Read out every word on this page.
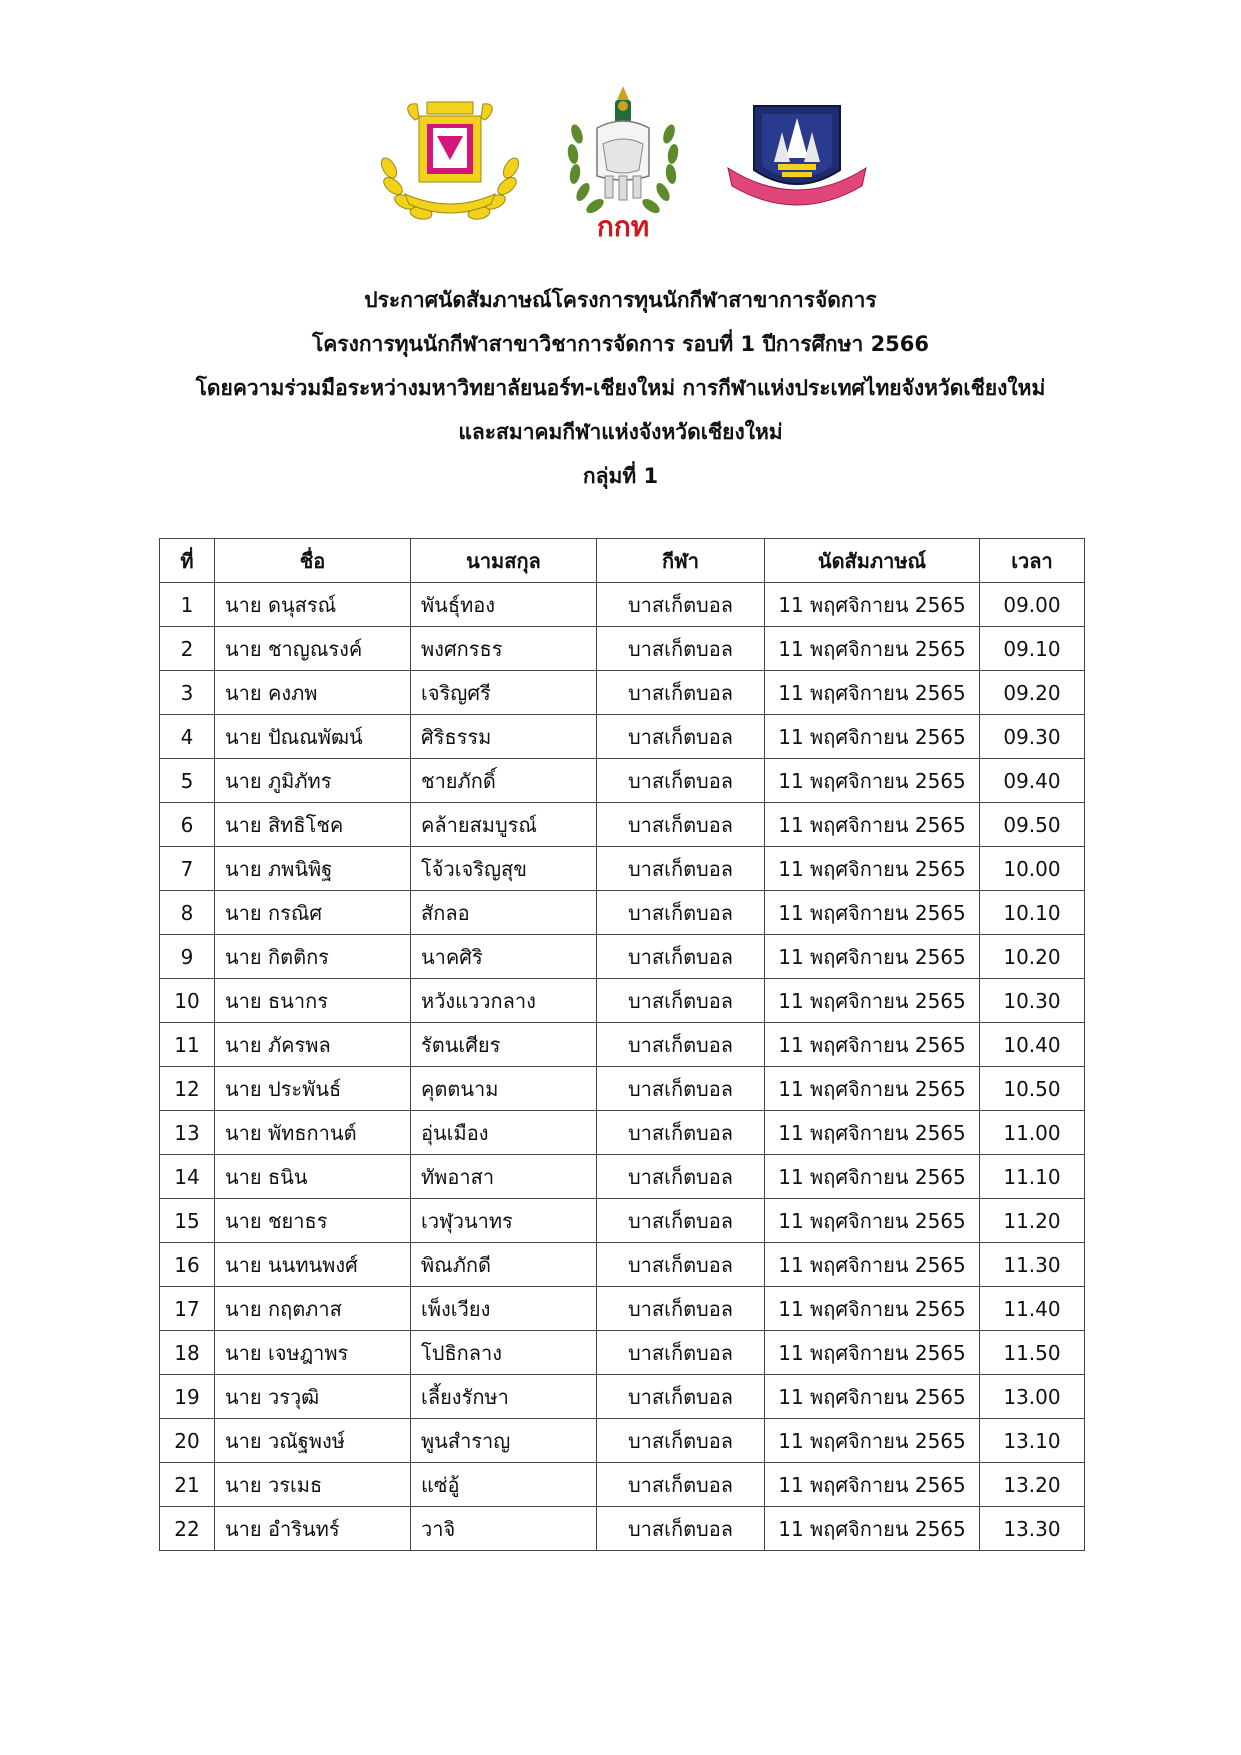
กกท
ประกาศนัดสัมภาษณ์โครงการทุนนักกีฬาสาขาการจัดการ
โครงการทุนนักกีฬาสาขาวิชาการจัดการ รอบที่ 1 ปีการศึกษา 2566
โดยความร่วมมือระหว่างมหาวิทยาลัยนอร์ท-เชียงใหม่ การกีฬาแห่งประเทศไทยจังหวัดเชียงใหม่
และสมาคมกีฬาแห่งจังหวัดเชียงใหม่
กลุ่มที่ 1
ที่	ชื่อ	นามสกุล	กีฬา	นัดสัมภาษณ์	เวลา
1	นาย ดนุสรณ์	พันธุ์ทอง	บาสเก็ตบอล	11 พฤศจิกายน 2565	09.00
2	นาย ชาญณรงค์	พงศกรธร	บาสเก็ตบอล	11 พฤศจิกายน 2565	09.10
3	นาย คงภพ	เจริญศรี	บาสเก็ตบอล	11 พฤศจิกายน 2565	09.20
4	นาย ปัณณพัฒน์	ศิริธรรม	บาสเก็ตบอล	11 พฤศจิกายน 2565	09.30
5	นาย ภูมิภัทร	ชายภักดิ์	บาสเก็ตบอล	11 พฤศจิกายน 2565	09.40
6	นาย สิทธิโชค	คล้ายสมบูรณ์	บาสเก็ตบอล	11 พฤศจิกายน 2565	09.50
7	นาย ภพนิพิฐ	โจ้วเจริญสุข	บาสเก็ตบอล	11 พฤศจิกายน 2565	10.00
8	นาย กรณิศ	สักลอ	บาสเก็ตบอล	11 พฤศจิกายน 2565	10.10
9	นาย กิตติกร	นาคศิริ	บาสเก็ตบอล	11 พฤศจิกายน 2565	10.20
10	นาย ธนากร	หวังแววกลาง	บาสเก็ตบอล	11 พฤศจิกายน 2565	10.30
11	นาย ภัครพล	รัตนเศียร	บาสเก็ตบอล	11 พฤศจิกายน 2565	10.40
12	นาย ประพันธ์	คุตตนาม	บาสเก็ตบอล	11 พฤศจิกายน 2565	10.50
13	นาย พัทธกานต์	อุ่นเมือง	บาสเก็ตบอล	11 พฤศจิกายน 2565	11.00
14	นาย ธนิน	ทัพอาสา	บาสเก็ตบอล	11 พฤศจิกายน 2565	11.10
15	นาย ชยาธร	เวฬุวนาทร	บาสเก็ตบอล	11 พฤศจิกายน 2565	11.20
16	นาย นนทนพงศ์	พิณภักดี	บาสเก็ตบอล	11 พฤศจิกายน 2565	11.30
17	นาย กฤตภาส	เพ็งเวียง	บาสเก็ตบอล	11 พฤศจิกายน 2565	11.40
18	นาย เจษฎาพร	โปธิกลาง	บาสเก็ตบอล	11 พฤศจิกายน 2565	11.50
19	นาย วรวุฒิ	เลี้ยงรักษา	บาสเก็ตบอล	11 พฤศจิกายน 2565	13.00
20	นาย วณัฐพงษ์	พูนสำราญ	บาสเก็ตบอล	11 พฤศจิกายน 2565	13.10
21	นาย วรเมธ	แซ่อู้	บาสเก็ตบอล	11 พฤศจิกายน 2565	13.20
22	นาย อำรินทร์	วาจิ	บาสเก็ตบอล	11 พฤศจิกายน 2565	13.30
